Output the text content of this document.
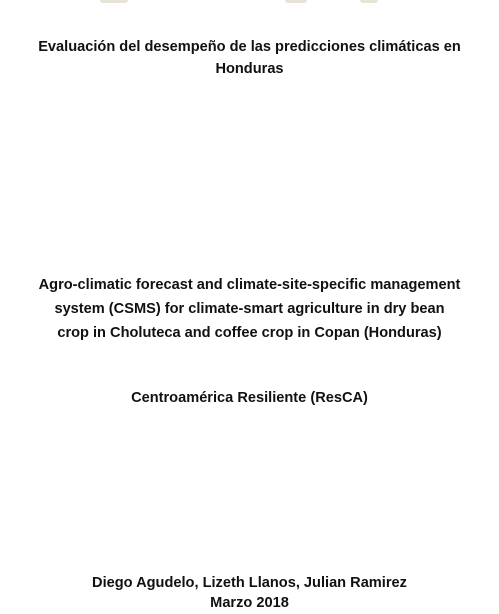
Evaluación del desempeño de las predicciones climáticas en
Honduras
Agro-climatic forecast and climate-site-specific management
system (CSMS) for climate-smart agriculture in dry bean
crop in Choluteca and coffee crop in Copan (Honduras)
Centroamérica Resiliente (ResCA)
Diego Agudelo, Lizeth Llanos, Julian Ramirez
Marzo 2018
